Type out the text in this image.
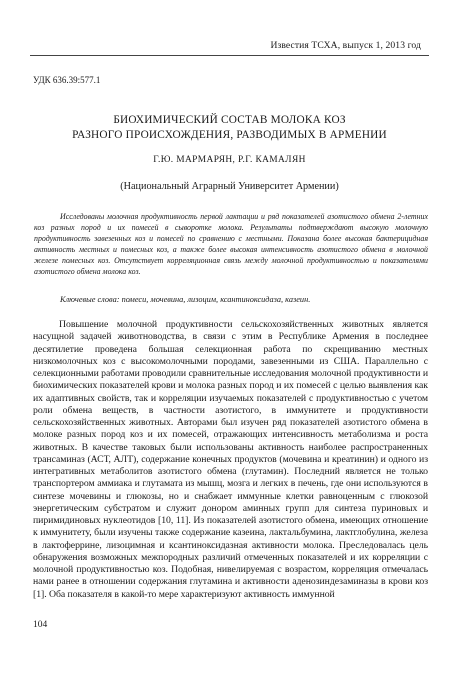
Известия ТСХА, выпуск 1, 2013 год
УДК 636.39:577.1
БИОХИМИЧЕСКИЙ СОСТАВ МОЛОКА КОЗ
РАЗНОГО ПРОИСХОЖДЕНИЯ, РАЗВОДИМЫХ В АРМЕНИИ
Г.Ю. МАРМАРЯН, Р.Г. КАМАЛЯН
(Национальный Аграрный Университет Армении)
Исследованы молочная продуктивность первой лактации и ряд показателей азотистого обмена 2-летних коз разных пород и их помесей в сыворотке молока. Результаты подтверждают высокую молочную продуктивность завезенных коз и помесей по сравнению с местными. Показана более высокая бактерицидная активность местных и помесных коз, а также более высокая интенсивность азотистого обмена в молочной железе помесных коз. Отсутствует корреляционная связь между молочной продуктивностью и показателями азотистого обмена молока коз.
Ключевые слова: помеси, мочевина, лизоцим, ксантиноксидаза, казеин.
Повышение молочной продуктивности сельскохозяйственных животных является насущной задачей животноводства, в связи с этим в Республике Армения в последнее десятилетие проведена большая селекционная работа по скрещиванию местных низкомолочных коз с высокомолочными породами, завезенными из США. Параллельно с селекционными работами проводили сравнительные исследования молочной продуктивности и биохимических показателей крови и молока разных пород и их помесей с целью выявления как их адаптивных свойств, так и корреляции изучаемых показателей с продуктивностью с учетом роли обмена веществ, в частности азотистого, в иммунитете и продуктивности сельскохозяйственных животных. Авторами был изучен ряд показателей азотистого обмена в молоке разных пород коз и их помесей, отражающих интенсивность метаболизма и роста животных. В качестве таковых были использованы активность наиболее распространенных трансаминаз (АСТ, АЛТ), содержание конечных продуктов (мочевина и креатинин) и одного из интегративных метаболитов азотистого обмена (глутамин). Последний является не только транспортером аммиака и глутамата из мышц, мозга и легких в печень, где они используются в синтезе мочевины и глюкозы, но и снабжает иммунные клетки равноценным с глюкозой энергетическим субстратом и служит донором аминных групп для синтеза пуриновых и пиримидиновых нуклеотидов [10, 11]. Из показателей азотистого обмена, имеющих отношение к иммунитету, были изучены также содержание казеина, лактальбумина, лактглобулина, железа в лактоферрине, лизоцимная и ксантиноксидазная активности молока. Преследовалась цель обнаружения возможных межпородных различий отмеченных показателей и их корреляции с молочной продуктивностью коз. Подобная, нивелируемая с возрастом, корреляция отмечалась нами ранее в отношении содержания глутамина и активности аденозиндезаминазы в крови коз [1]. Оба показателя в какой-то мере характеризуют активность иммунной
104
